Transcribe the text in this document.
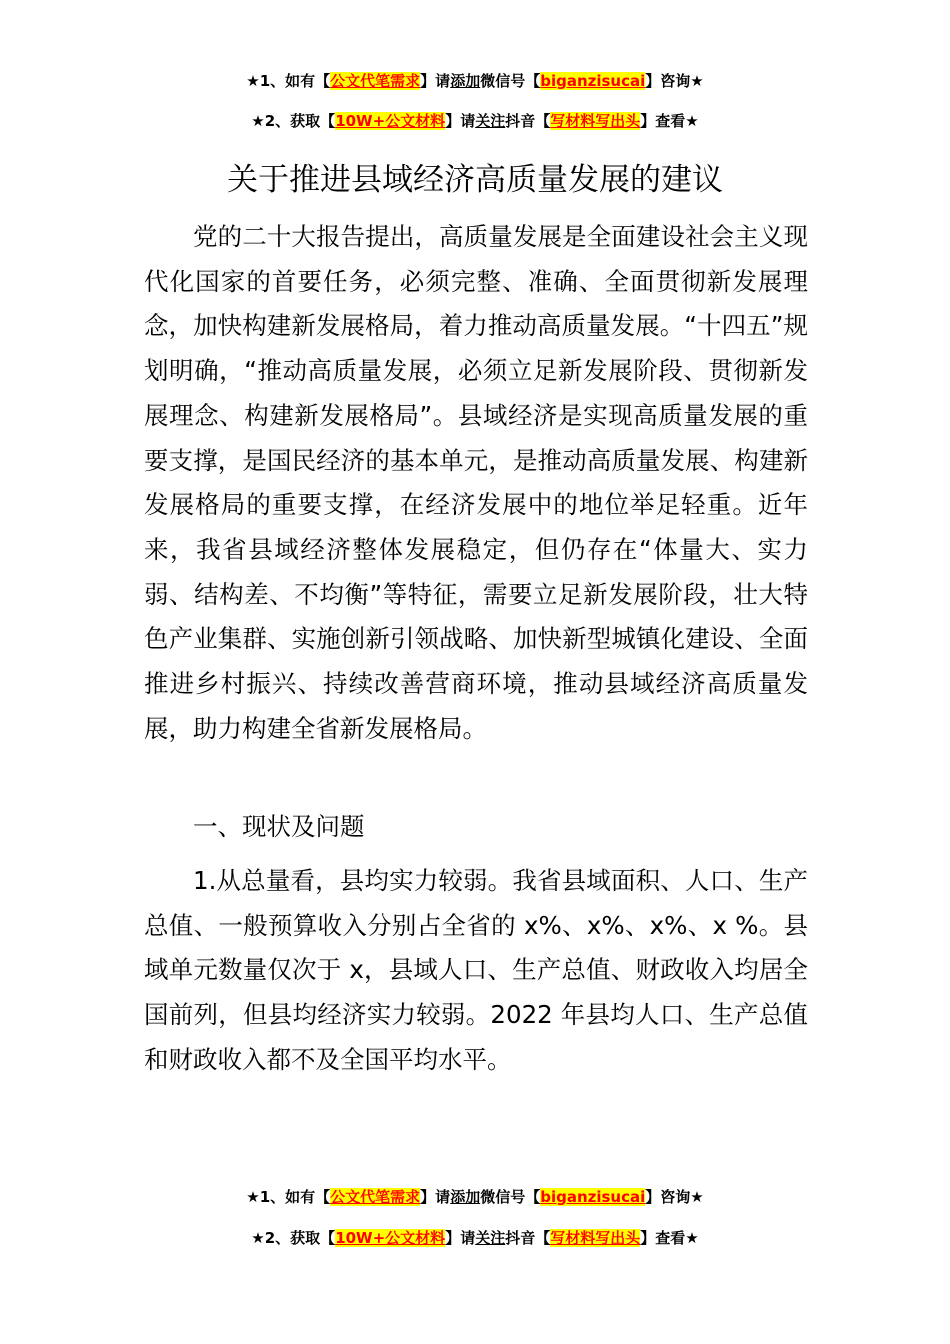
★1、如有【公文代笔需求】请添加微信号【biganzisucai】咨询★
★2、获取【10W+公文材料】请关注抖音【写材料写出头】查看★
关于推进县域经济高质量发展的建议

党的二十大报告提出，高质量发展是全面建设社会主义现代化国家的首要任务，必须完整、准确、全面贯彻新发展理念，加快构建新发展格局，着力推动高质量发展。“十四五”规划明确，“推动高质量发展，必须立足新发展阶段、贯彻新发展理念、构建新发展格局”。县域经济是实现高质量发展的重要支撑，是国民经济的基本单元，是推动高质量发展、构建新发展格局的重要支撑，在经济发展中的地位举足轻重。近年来，我省县域经济整体发展稳定，但仍存在“体量大、实力弱、结构差、不均衡”等特征，需要立足新发展阶段，壮大特色产业集群、实施创新引领战略、加快新型城镇化建设、全面推进乡村振兴、持续改善营商环境，推动县域经济高质量发展，助力构建全省新发展格局。

一、现状及问题

1.从总量看，县均实力较弱。我省县域面积、人口、生产总值、一般预算收入分别占全省的 x%、x%、x%、x %。县域单元数量仅次于 x，县域人口、生产总值、财政收入均居全国前列，但县均经济实力较弱。2022 年县均人口、生产总值和财政收入都不及全国平均水平。

★1、如有【公文代笔需求】请添加微信号【biganzisucai】咨询★
★2、获取【10W+公文材料】请关注抖音【写材料写出头】查看★
